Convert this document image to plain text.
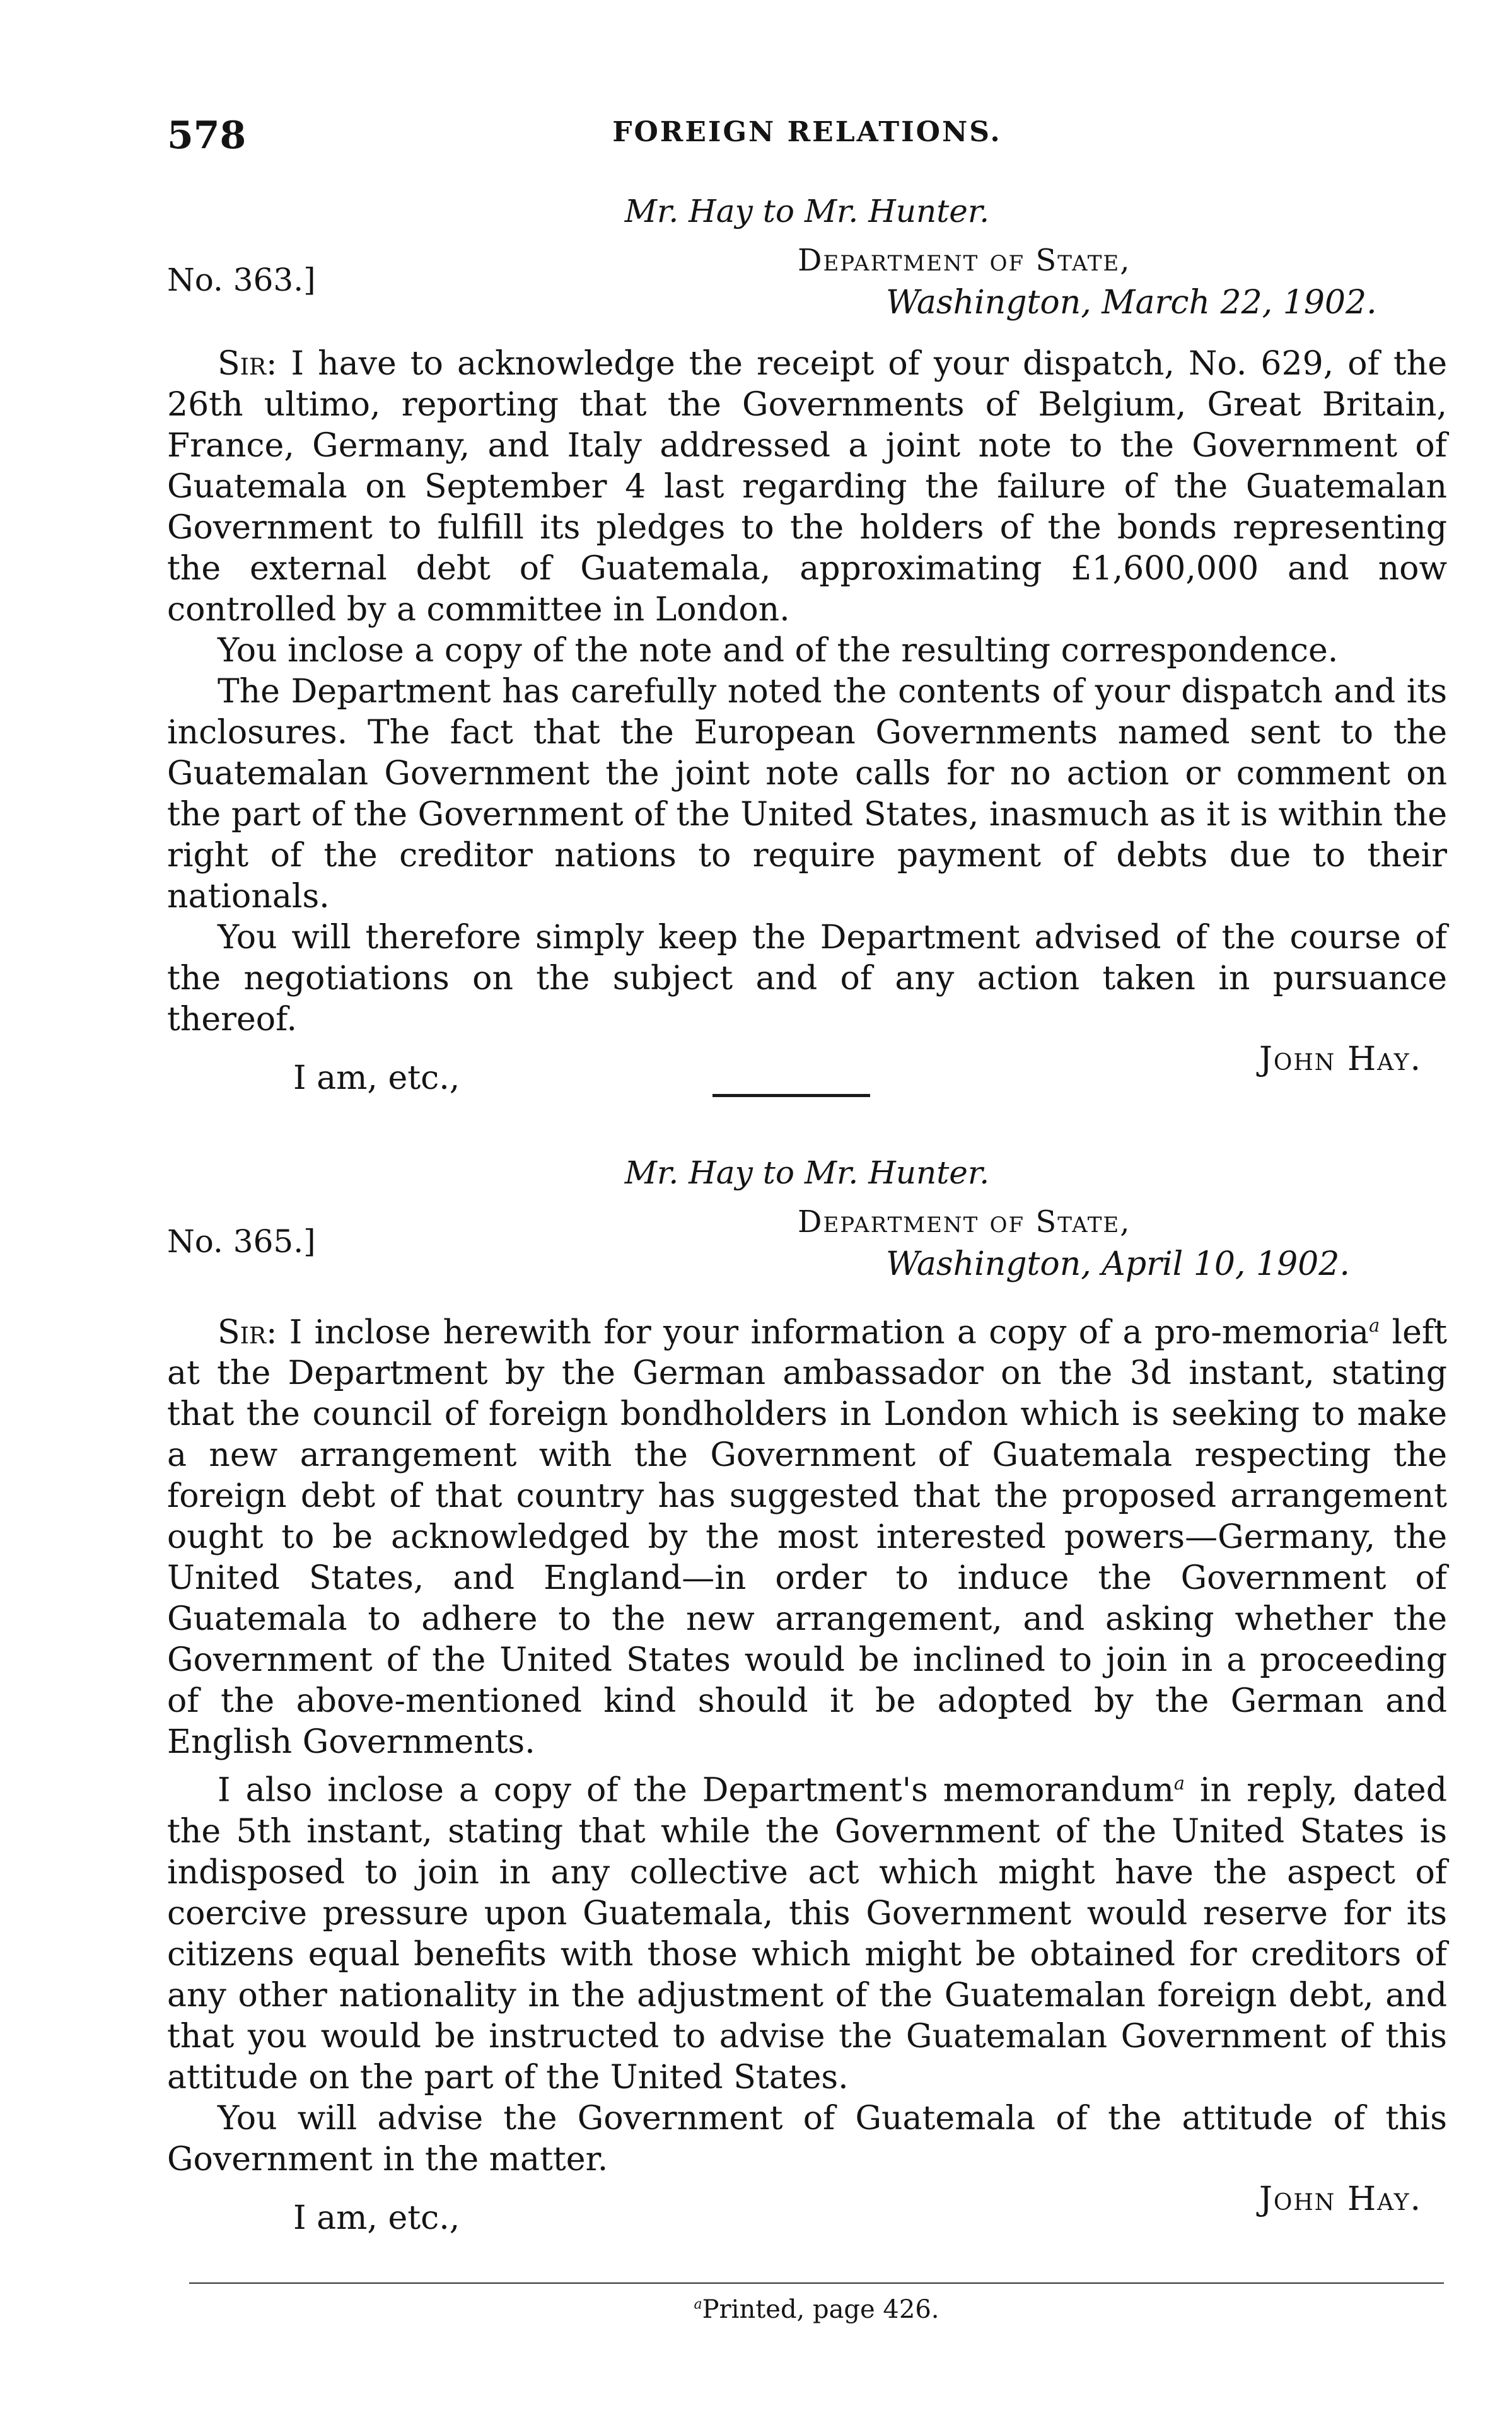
578	FOREIGN RELATIONS.
Mr. Hay to Mr. Hunter.
No. 363.]
Department of State,
Washington, March 22, 1902.

Sir: I have to acknowledge the receipt of your dispatch, No. 629, of the 26th ultimo, reporting that the Governments of Belgium, Great Britain, France, Germany, and Italy addressed a joint note to the Government of Guatemala on September 4 last regarding the failure of the Guatemalan Government to fulfill its pledges to the holders of the bonds representing the external debt of Guatemala, approximating £1,600,000 and now controlled by a committee in London.

You inclose a copy of the note and of the resulting correspondence.

The Department has carefully noted the contents of your dispatch and its inclosures. The fact that the European Governments named sent to the Guatemalan Government the joint note calls for no action or comment on the part of the Government of the United States, inasmuch as it is within the right of the creditor nations to require payment of debts due to their nationals.

You will therefore simply keep the Department advised of the course of the negotiations on the subject and of any action taken in pursuance thereof.

I am, etc.,	John Hay.
Mr. Hay to Mr. Hunter.
No. 365.]
Department of State,
Washington, April 10, 1902.

Sir: I inclose herewith for your information a copy of a pro-memoria$^a$ left at the Department by the German ambassador on the 3d instant, stating that the council of foreign bondholders in London which is seeking to make a new arrangement with the Government of Guatemala respecting the foreign debt of that country has suggested that the proposed arrangement ought to be acknowledged by the most interested powers—Germany, the United States, and England—in order to induce the Government of Guatemala to adhere to the new arrangement, and asking whether the Government of the United States would be inclined to join in a proceeding of the above-mentioned kind should it be adopted by the German and English Governments.

I also inclose a copy of the Department's memorandum$^a$ in reply, dated the 5th instant, stating that while the Government of the United States is indisposed to join in any collective act which might have the aspect of coercive pressure upon Guatemala, this Government would reserve for its citizens equal benefits with those which might be obtained for creditors of any other nationality in the adjustment of the Guatemalan foreign debt, and that you would be instructed to advise the Guatemalan Government of this attitude on the part of the United States.

You will advise the Government of Guatemala of the attitude of this Government in the matter.

I am, etc.,	John Hay.
$^a$Printed, page 426.
